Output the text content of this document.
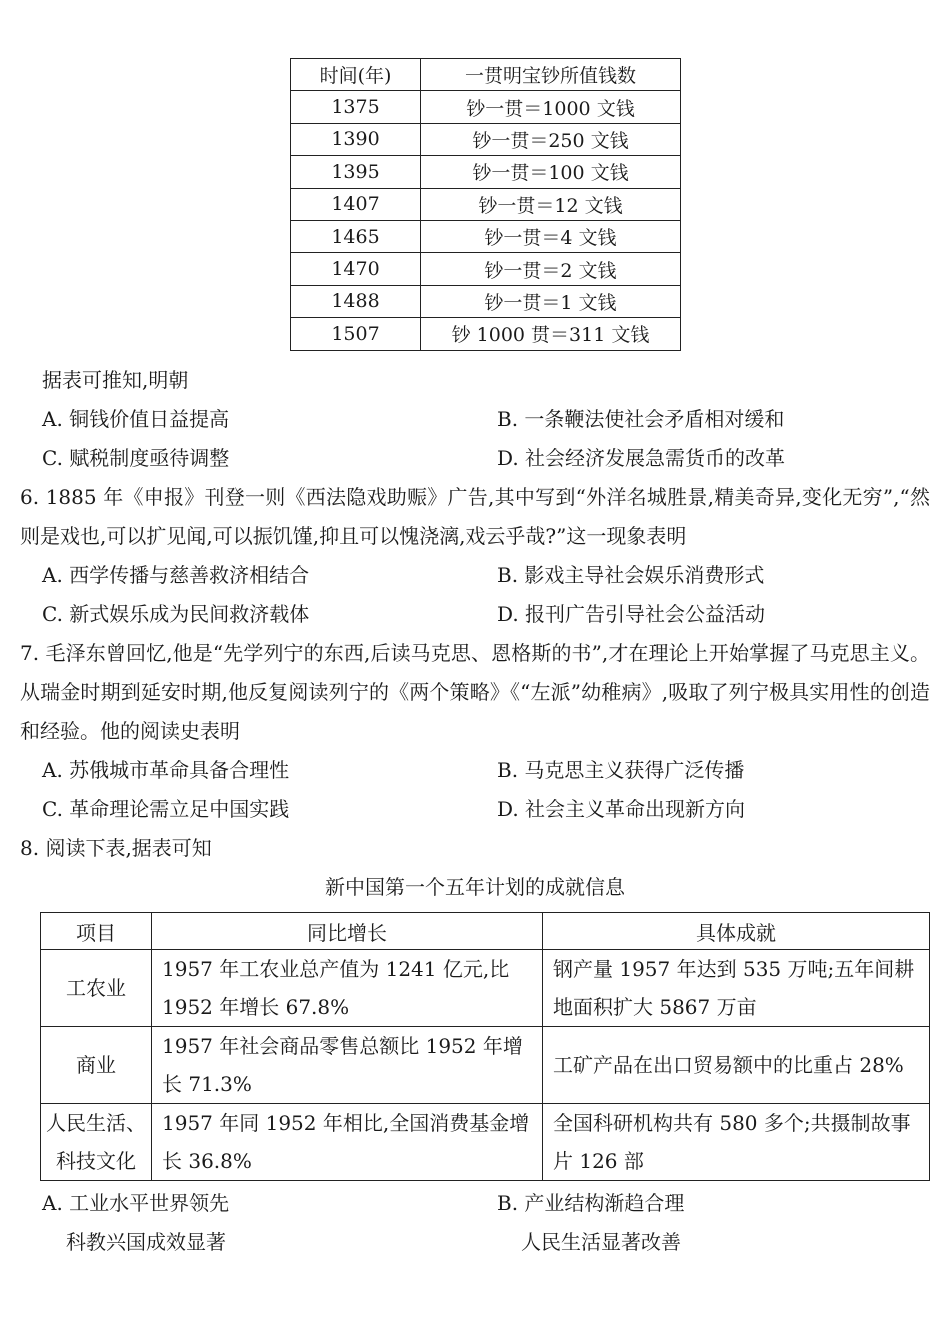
时间(年)	一贯明宝钞所值钱数
1375	钞一贯＝1000 文钱
1390	钞一贯＝250 文钱
1395	钞一贯＝100 文钱
1407	钞一贯＝12 文钱
1465	钞一贯＝4 文钱
1470	钞一贯＝2 文钱
1488	钞一贯＝1 文钱
1507	钞 1000 贯＝311 文钱
据表可推知,明朝
A. 铜钱价值日益提高	B. 一条鞭法使社会矛盾相对缓和
C. 赋税制度亟待调整	D. 社会经济发展急需货币的改革
6. 1885 年《申报》刊登一则《西法隐戏助赈》广告,其中写到“外洋名城胜景,精美奇异,变化无穷”,“然则是戏也,可以扩见闻,可以振饥馑,抑且可以愧浇漓,戏云乎哉?”这一现象表明
A. 西学传播与慈善救济相结合	B. 影戏主导社会娱乐消费形式
C. 新式娱乐成为民间救济载体	D. 报刊广告引导社会公益活动
7. 毛泽东曾回忆,他是“先学列宁的东西,后读马克思、恩格斯的书”,才在理论上开始掌握了马克思主义。从瑞金时期到延安时期,他反复阅读列宁的《两个策略》《“左派”幼稚病》,吸取了列宁极具实用性的创造和经验。他的阅读史表明
A. 苏俄城市革命具备合理性	B. 马克思主义获得广泛传播
C. 革命理论需立足中国实践	D. 社会主义革命出现新方向
8. 阅读下表,据表可知
新中国第一个五年计划的成就信息
项目	同比增长	具体成就
工农业	1957 年工农业总产值为 1241 亿元,比 1952 年增长 67.8%	钢产量 1957 年达到 535 万吨;五年间耕地面积扩大 5867 万亩
商业	1957 年社会商品零售总额比 1952 年增长 71.3%	工矿产品在出口贸易额中的比重占 28%

人民生活、
科技文化	1957 年同 1952 年相比,全国消费基金增长 36.8%	全国科研机构共有 580 多个;共摄制故事片 126 部
A. 工业水平世界领先	B. 产业结构渐趋合理
科教兴国成效显著	人民生活显著改善
